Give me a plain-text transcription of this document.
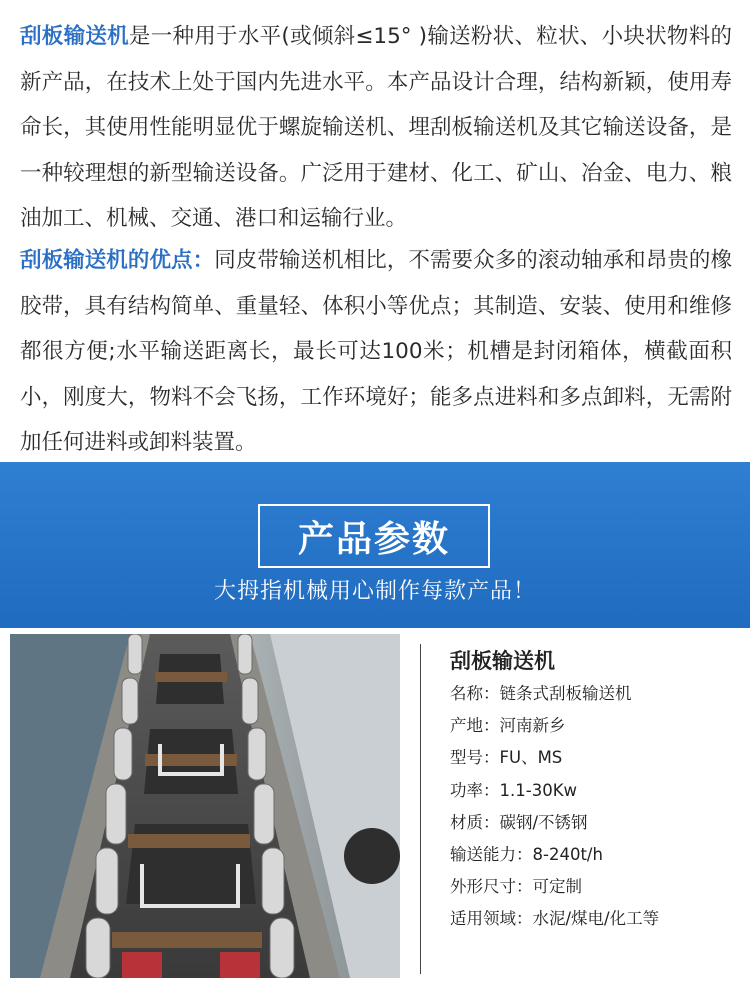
刮板输送机是一种用于水平(或倾斜≤15° )输送粉状、粒状、小块状物料的新产品，在技术上处于国内先进水平。本产品设计合理，结构新颖，使用寿命长，其使用性能明显优于螺旋输送机、埋刮板输送机及其它输送设备，是一种较理想的新型输送设备。广泛用于建材、化工、矿山、冶金、电力、粮油加工、机械、交通、港口和运输行业。

刮板输送机的优点：同皮带输送机相比，不需要众多的滚动轴承和昂贵的橡胶带，具有结构简单、重量轻、体积小等优点；其制造、安装、使用和维修都很方便;水平输送距离长，最长可达100米；机槽是封闭箱体，横截面积小，刚度大，物料不会飞扬，工作环境好；能多点进料和多点卸料，无需附加任何进料或卸料装置。

产品参数
大拇指机械用心制作每款产品！
刮板输送机
名称：链条式刮板输送机
产地：河南新乡
型号：FU、MS
功率：1.1-30Kw
材质：碳钢/不锈钢
输送能力：8-240t/h
外形尺寸：可定制
适用领域：水泥/煤电/化工等
